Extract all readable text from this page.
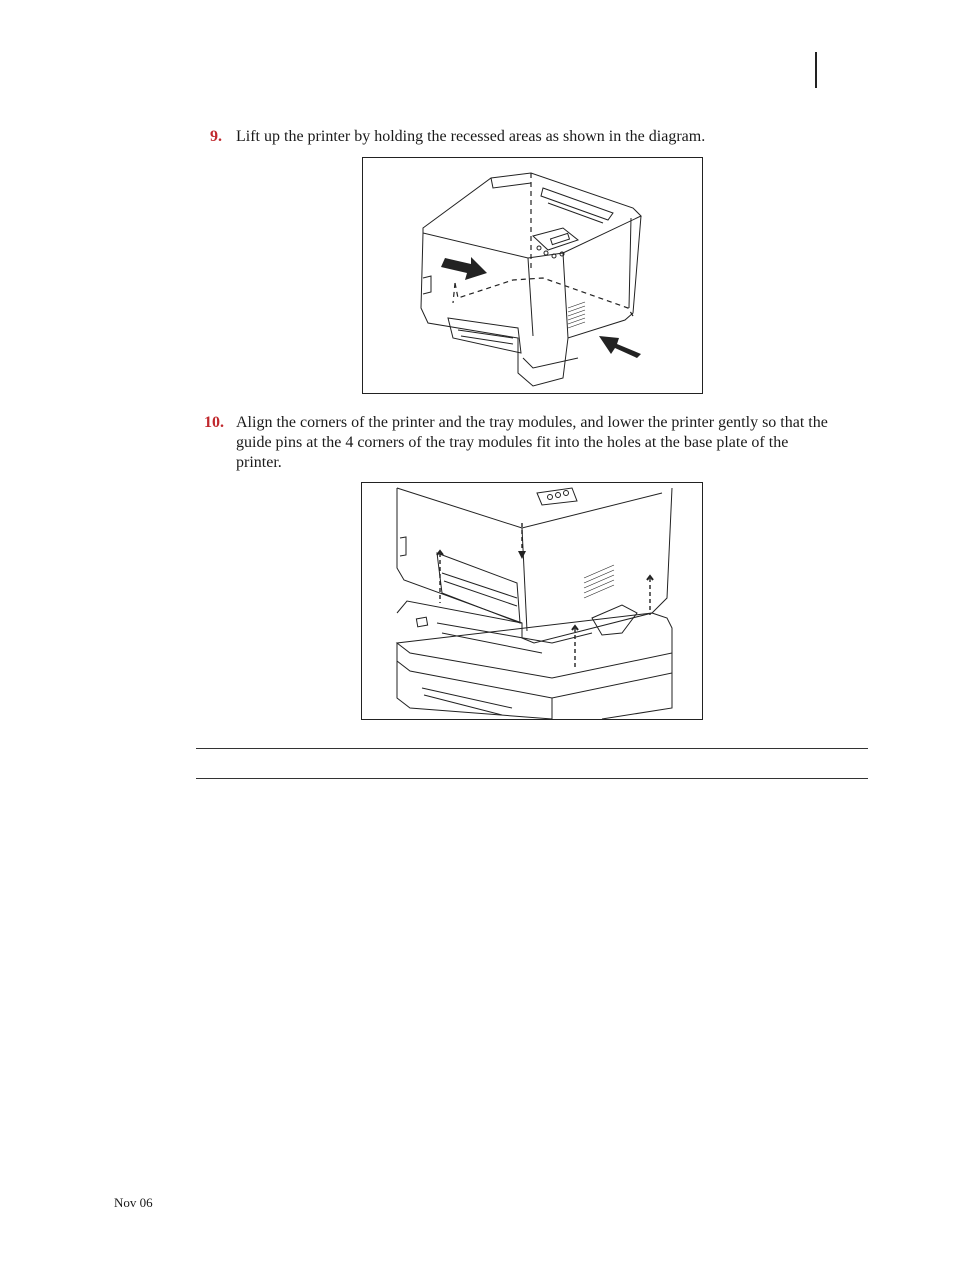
9. Lift up the printer by holding the recessed areas as shown in the diagram.
10. Align the corners of the printer and the tray modules, and lower the printer gently so that the
guide pins at the 4 corners of the tray modules fit into the holes at the base plate of the
printer.
Nov 06
